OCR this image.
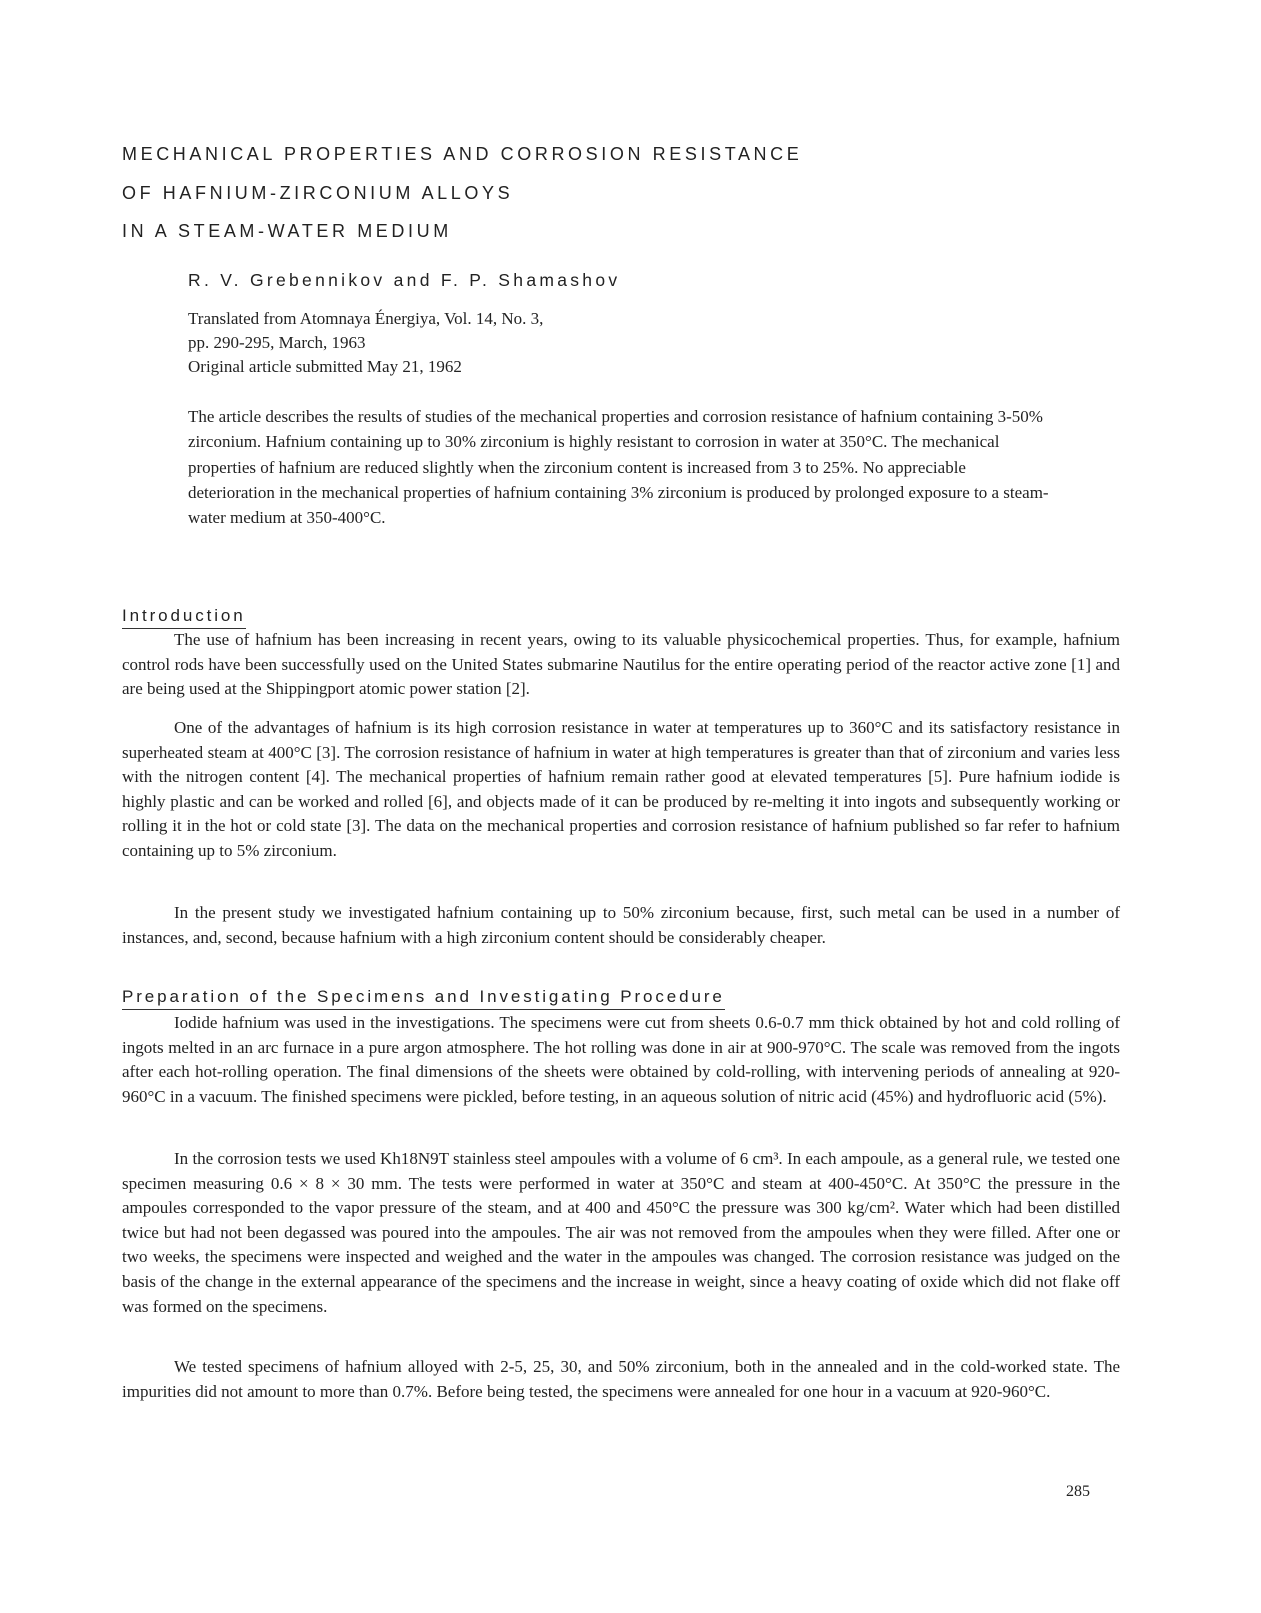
MECHANICAL PROPERTIES AND CORROSION RESISTANCE
OF HAFNIUM-ZIRCONIUM ALLOYS
IN A STEAM-WATER MEDIUM
R. V. Grebennikov and F. P. Shamashov
Translated from Atomnaya Énergiya, Vol. 14, No. 3,
pp. 290-295, March, 1963
Original article submitted May 21, 1962
The article describes the results of studies of the mechanical properties and corrosion resistance of hafnium containing 3-50% zirconium. Hafnium containing up to 30% zirconium is highly resistant to corrosion in water at 350°C. The mechanical properties of hafnium are reduced slightly when the zirconium content is increased from 3 to 25%. No appreciable deterioration in the mechanical properties of hafnium containing 3% zirconium is produced by prolonged exposure to a steam-water medium at 350-400°C.
Introduction
The use of hafnium has been increasing in recent years, owing to its valuable physicochemical properties. Thus, for example, hafnium control rods have been successfully used on the United States submarine Nautilus for the entire operating period of the reactor active zone [1] and are being used at the Shippingport atomic power station [2].
One of the advantages of hafnium is its high corrosion resistance in water at temperatures up to 360°C and its satisfactory resistance in superheated steam at 400°C [3]. The corrosion resistance of hafnium in water at high temperatures is greater than that of zirconium and varies less with the nitrogen content [4]. The mechanical properties of hafnium remain rather good at elevated temperatures [5]. Pure hafnium iodide is highly plastic and can be worked and rolled [6], and objects made of it can be produced by re-melting it into ingots and subsequently working or rolling it in the hot or cold state [3]. The data on the mechanical properties and corrosion resistance of hafnium published so far refer to hafnium containing up to 5% zirconium.
In the present study we investigated hafnium containing up to 50% zirconium because, first, such metal can be used in a number of instances, and, second, because hafnium with a high zirconium content should be considerably cheaper.
Preparation of the Specimens and Investigating Procedure
Iodide hafnium was used in the investigations. The specimens were cut from sheets 0.6-0.7 mm thick obtained by hot and cold rolling of ingots melted in an arc furnace in a pure argon atmosphere. The hot rolling was done in air at 900-970°C. The scale was removed from the ingots after each hot-rolling operation. The final dimensions of the sheets were obtained by cold-rolling, with intervening periods of annealing at 920-960°C in a vacuum. The finished specimens were pickled, before testing, in an aqueous solution of nitric acid (45%) and hydrofluoric acid (5%).
In the corrosion tests we used Kh18N9T stainless steel ampoules with a volume of 6 cm³. In each ampoule, as a general rule, we tested one specimen measuring 0.6 × 8 × 30 mm. The tests were performed in water at 350°C and steam at 400-450°C. At 350°C the pressure in the ampoules corresponded to the vapor pressure of the steam, and at 400 and 450°C the pressure was 300 kg/cm². Water which had been distilled twice but had not been degassed was poured into the ampoules. The air was not removed from the ampoules when they were filled. After one or two weeks, the specimens were inspected and weighed and the water in the ampoules was changed. The corrosion resistance was judged on the basis of the change in the external appearance of the specimens and the increase in weight, since a heavy coating of oxide which did not flake off was formed on the specimens.
We tested specimens of hafnium alloyed with 2-5, 25, 30, and 50% zirconium, both in the annealed and in the cold-worked state. The impurities did not amount to more than 0.7%. Before being tested, the specimens were annealed for one hour in a vacuum at 920-960°C.
285
